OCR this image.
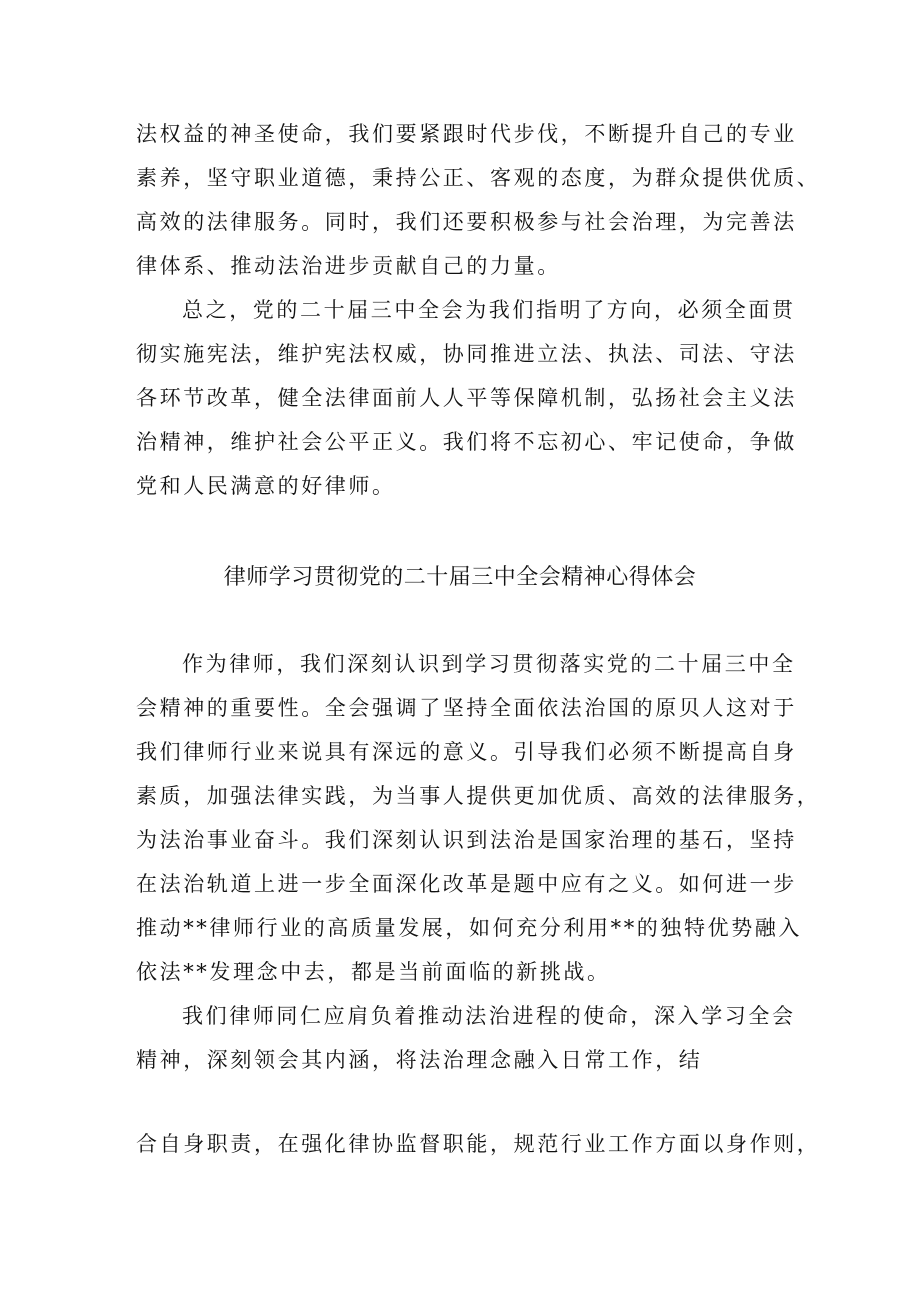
法权益的神圣使命，我们要紧跟时代步伐，不断提升自己的专业
素养，坚守职业道德，秉持公正、客观的态度，为群众提供优质、
高效的法律服务。同时，我们还要积极参与社会治理，为完善法
律体系、推动法治进步贡献自己的力量。
总之，党的二十届三中全会为我们指明了方向，必须全面贯
彻实施宪法，维护宪法权威，协同推进立法、执法、司法、守法
各环节改革，健全法律面前人人平等保障机制，弘扬社会主义法
治精神，维护社会公平正义。我们将不忘初心、牢记使命，争做
党和人民满意的好律师。
律师学习贯彻党的二十届三中全会精神心得体会
作为律师，我们深刻认识到学习贯彻落实党的二十届三中全
会精神的重要性。全会强调了坚持全面依法治国的原贝人这对于
我们律师行业来说具有深远的意义。引导我们必须不断提高自身
素质，加强法律实践，为当事人提供更加优质、高效的法律服务，
为法治事业奋斗。我们深刻认识到法治是国家治理的基石，坚持
在法治轨道上进一步全面深化改革是题中应有之义。如何进一步
推动**律师行业的高质量发展，如何充分利用**的独特优势融入
依法**发理念中去，都是当前面临的新挑战。
我们律师同仁应肩负着推动法治进程的使命，深入学习全会
精神，深刻领会其内涵，将法治理念融入日常工作，结
合自身职责，在强化律协监督职能，规范行业工作方面以身作则，
